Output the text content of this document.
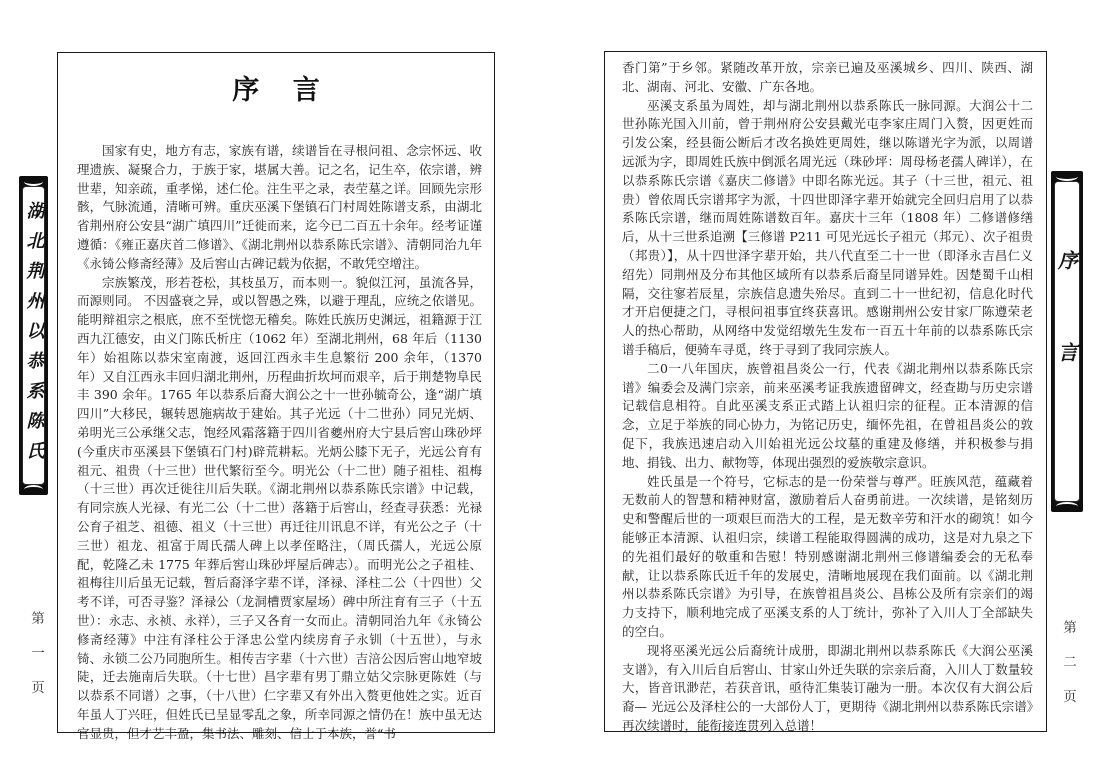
湖北荆州以恭系陈氏
第一页
序 言

国家有史，地方有志，家族有谱，续谱旨在寻根问祖、念宗怀远、收理遗族、凝聚合力，于族于家，堪属大善。记之名，记生卒，依宗谱，辨世辈，知亲疏，重孝悌，述仁伦。注生平之录，表茔墓之详。回顾先宗形骸，气脉流通，清晰可辨。重庆巫溪下堡镇石门村周姓陈谱支系，由湖北省荆州府公安县“湖广填四川”迁徙而来，迄今已二百五十余年。经考证谨遵循：《雍正嘉庆首二修谱》、《湖北荆州以恭系陈氏宗谱》、清朝同治九年《永锜公修斋经薄》及后窖山古碑记载为依据，不敢凭空增注。

宗族繁茂，形若苍松，其枝虽万，而本则一。貌似江河，虽流各异，而源则同。 不因盛衰之异，或以智愚之殊，以避于理乱，应统之依谱见。能明辩祖宗之根底，庶不至恍惚无稽矣。陈姓氏族历史渊远，祖籍源于江西九江德安，由义门陈氏析庄（1062 年）至湖北荆州，68 年后（1130 年）始祖陈以恭宋室南渡，返回江西永丰生息繁衍 200 余年，（1370 年）又自江西永丰回归湖北荆州，历程曲折坎坷而艰辛，后于荆楚物阜民丰 390 余年。1765 年以恭系后裔大润公之十一世孙毓奇公，逢“湖广填四川”大移民，辗转恩施病故于建始。其子光远（十二世孙）同兄光炳、弟明光三公承继父志，饱经风霜落籍于四川省夔州府大宁县后窖山珠砂坪(今重庆市巫溪县下堡镇石门村)辟荒耕耘。光炳公膝下无子，光远公育有祖元、祖贵（十三世）世代繁衍至今。明光公（十二世）随子祖桂、祖梅（十三世）再次迁徙往川后失联。《湖北荆州以恭系陈氏宗谱》中记载，有同宗族人光禄、有光二公（十二世）落籍于后窖山，经查寻获悉：光禄公育子祖芝、祖德、祖义（十三世）再迁往川讯息不详，有光公之子（十三世）祖龙、祖富于周氏孺人碑上以孝侄略注，（周氏孺人，光远公原配，乾隆乙未 1775 年葬后窖山珠砂坪屋后碑志）。而明光公之子祖桂、祖梅往川后虽无记载，暂后裔泽字辈不详，泽禄、泽柱二公（十四世）父考不详，可否寻鉴？泽禄公（龙洞槽贾家屋场）碑中所注育有三子（十五世）：永志、永祯、永祥），三子又各育一女而止。清朝同治九年《永锜公修斋经薄》中注有泽柱公于泽忠公堂内续房育子永钏（十五世），与永锜、永锁二公乃同胞所生。相传吉字辈（十六世）吉涪公因后窖山地窄坡陡，迁去施南后失联。（十七世）昌字辈有男丁鼎立姑父宗脉更陈姓（与以恭系不同谱）之事，（十八世）仁字辈又有外出入赘更他姓之实。近百年虽人丁兴旺，但姓氏已呈显零乱之象，所幸同源之情仍在！族中虽无达官显贵，但才艺丰盈，集书法、雕刻、信士于本族，誉“书

香门第”于乡邻。紧随改革开放，宗亲已遍及巫溪城乡、四川、陕西、湖北、湖南、河北、安徽、广东各地。

巫溪支系虽为周姓，却与湖北荆州以恭系陈氏一脉同源。大润公十二世孙陈光国入川前，曾于荆州府公安县戴光屯李家庄周门入赘，因更姓而引发公案，经县衙公断后才改名换姓更周姓，继以陈谱光字为派，以周谱远派为字，即周姓氏族中倒派名周光远（珠砂坪：周母杨老孺人碑详），在以恭系陈氏宗谱《嘉庆二修谱》中即名陈光远。其子（十三世，祖元、祖贵）曾依周氏宗谱邦字为派，十四世即泽字辈开始就完全回归启用了以恭系陈氏宗谱，继而周姓陈谱数百年。嘉庆十三年（1808 年）二修谱修缮后，从十三世系追溯【三修谱 P211 可见光远长子祖元（邦元）、次子祖贵（邦贵）】，从十四世泽字辈开始，共八代直至二十一世（即泽永吉昌仁义绍先）同荆州及分布其他区域所有以恭系后裔呈同谱异姓。因楚蜀千山相隔，交往寥若辰星，宗族信息遗失殆尽。直到二十一世纪初，信息化时代才开启便捷之门，寻根问祖事宜终获喜讯。感谢荆州公安甘家厂陈遵荣老人的热心帮助，从网络中发觉绍墩先生发布一百五十年前的以恭系陈氏宗谱手稿后，便骑车寻觅，终于寻到了我同宗族人。

二0一八年国庆，族曾祖昌炎公一行，代表《湖北荆州以恭系陈氏宗谱》编委会及满门宗亲，前来巫溪考证我族遗留碑文，经查勘与历史宗谱记载信息相符。自此巫溪支系正式踏上认祖归宗的征程。正本清源的信念，立足于举族的同心协力，为铭记历史，缅怀先祖，在曾祖昌炎公的敦促下，我族迅速启动入川始祖光远公坟墓的重建及修缮，并积极参与捐地、捐钱、出力、献物等，体现出强烈的爱族敬宗意识。

姓氏虽是一个符号，它标志的是一份荣誉与尊严。旺族风范，蕴藏着无数前人的智慧和精神财富，激励着后人奋勇前进。一次续谱，是铭刻历史和警醒后世的一项艰巨而浩大的工程，是无数辛劳和汗水的砌筑！如今能够正本清源、认祖归宗，续谱工程能取得圆满的成功，这是对九泉之下的先祖们最好的敬重和告慰！特别感谢湖北荆州三修谱编委会的无私奉献，让以恭系陈氏近千年的发展史，清晰地展现在我们面前。以《湖北荆州以恭系陈氏宗谱》为引导，在族曾祖昌炎公、昌栋公及所有宗亲们的竭力支持下，顺利地完成了巫溪支系的人丁统计，弥补了入川人丁全部缺失的空白。

现将巫溪光远公后裔统计成册，即湖北荆州以恭系陈氏《大润公巫溪支谱》，有入川后自后窖山、甘家山外迁失联的宗亲后裔，入川人丁数量较大，皆音讯渺茫，若获音讯，亟待汇集装订融为一册。本次仅有大润公后裔— 光远公及泽柱公的一大部份人丁，更期待《湖北荆州以恭系陈氏宗谱》再次续谱时，能衔接连贯列入总谱！

序言
第二页
